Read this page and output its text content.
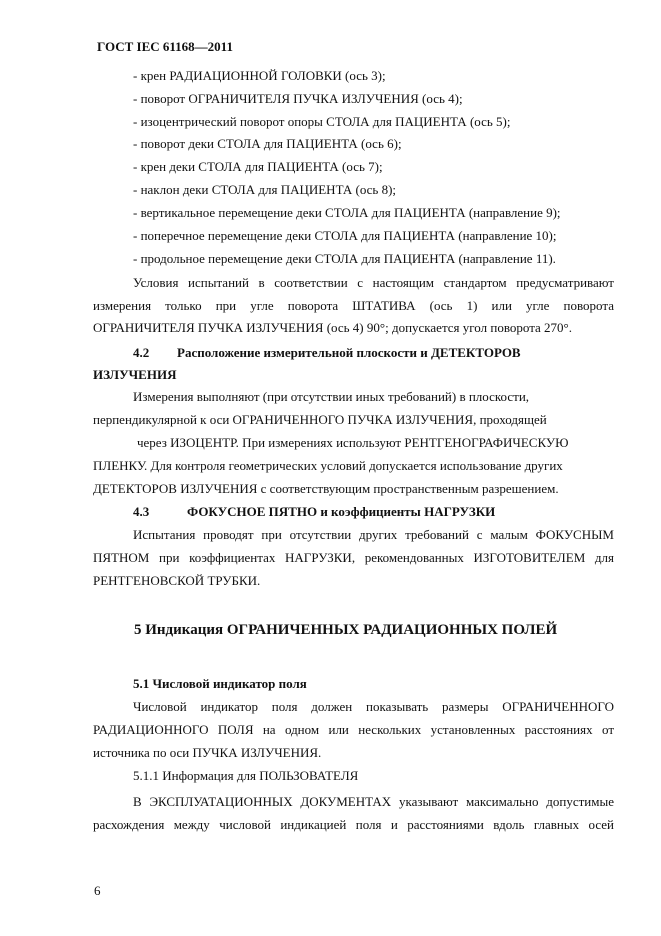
ГОСТ IEC 61168—2011
- крен РАДИАЦИОННОЙ ГОЛОВКИ (ось 3);
- поворот ОГРАНИЧИТЕЛЯ ПУЧКА ИЗЛУЧЕНИЯ (ось 4);
- изоцентрический поворот опоры СТОЛА для ПАЦИЕНТА (ось 5);
- поворот деки СТОЛА для ПАЦИЕНТА (ось 6);
- крен деки СТОЛА для ПАЦИЕНТА (ось 7);
- наклон деки СТОЛА для ПАЦИЕНТА (ось 8);
- вертикальное перемещение деки СТОЛА для ПАЦИЕНТА (направление 9);
- поперечное перемещение деки СТОЛА для ПАЦИЕНТА (направление 10);
- продольное перемещение деки СТОЛА для ПАЦИЕНТА (направление 11).
Условия испытаний в соответствии с настоящим стандартом предусматривают
измерения только при угле поворота ШТАТИВА (ось 1) или угле поворота
ОГРАНИЧИТЕЛЯ ПУЧКА ИЗЛУЧЕНИЯ (ось 4) 90°; допускается угол поворота 270°.
4.2 Расположение измерительной плоскости и ДЕТЕКТОРОВ
ИЗЛУЧЕНИЯ
Измерения выполняют (при отсутствии иных требований) в плоскости,
перпендикулярной к оси ОГРАНИЧЕННОГО ПУЧКА ИЗЛУЧЕНИЯ, проходящей
через ИЗОЦЕНТР. При измерениях используют РЕНТГЕНОГРАФИЧЕСКУЮ
ПЛЕНКУ. Для контроля геометрических условий допускается использование других
ДЕТЕКТОРОВ ИЗЛУЧЕНИЯ с соответствующим пространственным разрешением.
4.3	ФОКУСНОЕ ПЯТНО и коэффициенты НАГРУЗКИ
Испытания проводят при отсутствии других требований с малым ФОКУСНЫМ
ПЯТНОМ при коэффициентах НАГРУЗКИ, рекомендованных ИЗГОТОВИТЕЛЕМ для
РЕНТГЕНОВСКОЙ ТРУБКИ.
5 Индикация ОГРАНИЧЕННЫХ РАДИАЦИОННЫХ ПОЛЕЙ
5.1 Числовой индикатор поля
Числовой индикатор поля должен показывать размеры ОГРАНИЧЕННОГО
РАДИАЦИОННОГО ПОЛЯ на одном или нескольких установленных расстояниях от
источника по оси ПУЧКА ИЗЛУЧЕНИЯ.
5.1.1 Информация для ПОЛЬЗОВАТЕЛЯ
В ЭКСПЛУАТАЦИОННЫХ ДОКУМЕНТАХ указывают максимально допустимые
расхождения между числовой индикацией поля и расстояниями вдоль главных осей
6
